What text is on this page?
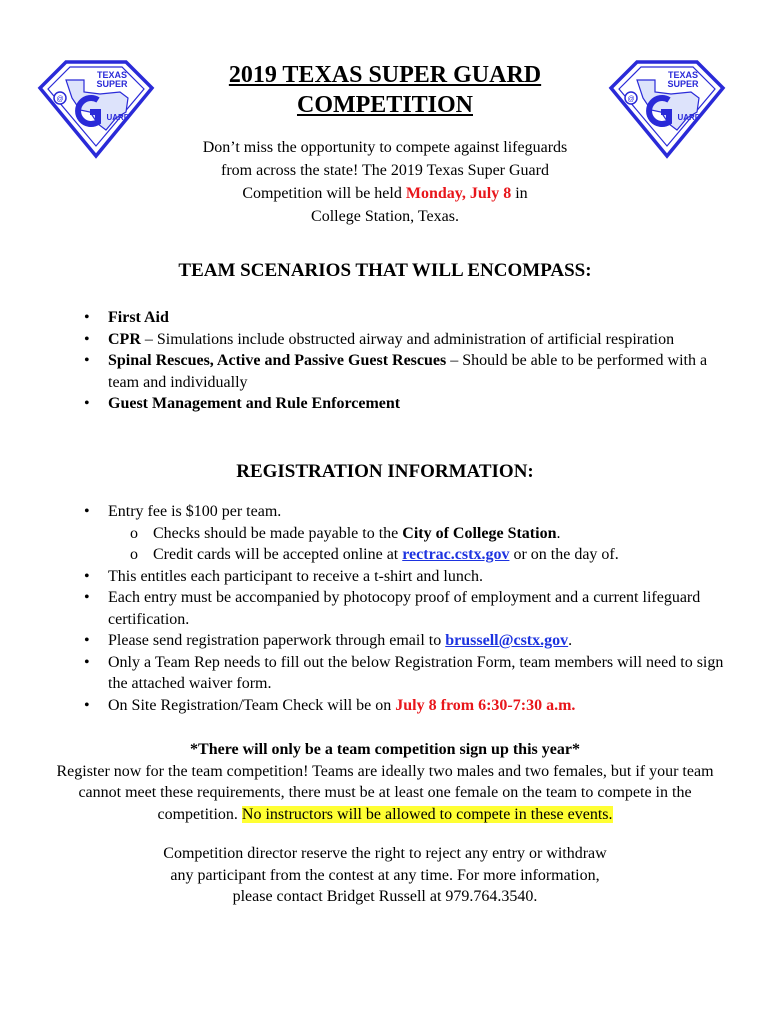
TEXAS
SUPER
@
UARD
TEXAS
SUPER
@
UARD
2019 TEXAS SUPER GUARD
COMPETITION
Don’t miss the opportunity to compete against lifeguards
from across the state! The 2019 Texas Super Guard
Competition will be held Monday, July 8 in
College Station, Texas.
TEAM SCENARIOS THAT WILL ENCOMPASS:
• First Aid
• CPR – Simulations include obstructed airway and administration of artificial respiration
• Spinal Rescues, Active and Passive Guest Rescues – Should be able to be performed with a team and individually
• Guest Management and Rule Enforcement
REGISTRATION INFORMATION:
• Entry fee is $100 per team.
o Checks should be made payable to the City of College Station.
o Credit cards will be accepted online at rectrac.cstx.gov or on the day of.
• This entitles each participant to receive a t-shirt and lunch.
• Each entry must be accompanied by photocopy proof of employment and a current lifeguard certification.
• Please send registration paperwork through email to brussell@cstx.gov.
• Only a Team Rep needs to fill out the below Registration Form, team members will need to sign the attached waiver form.
• On Site Registration/Team Check will be on July 8 from 6:30-7:30 a.m.
*There will only be a team competition sign up this year*
Register now for the team competition! Teams are ideally two males and two females, but if your team cannot meet these requirements, there must be at least one female on the team to compete in the competition. No instructors will be allowed to compete in these events.
Competition director reserve the right to reject any entry or withdraw
any participant from the contest at any time. For more information,
please contact Bridget Russell at 979.764.3540.
